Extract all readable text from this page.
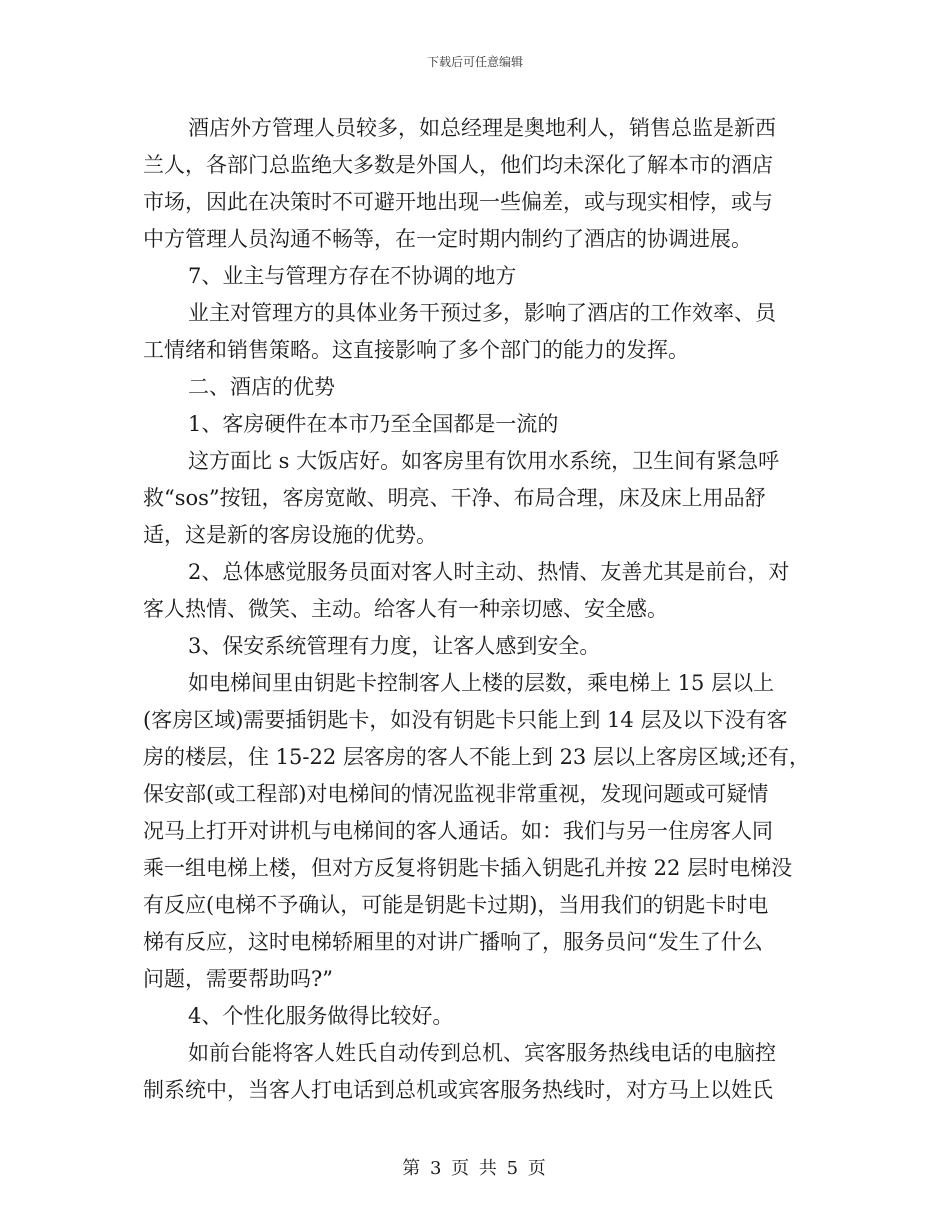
下载后可任意编辑
酒店外方管理人员较多，如总经理是奥地利人，销售总监是新西
兰人，各部门总监绝大多数是外国人，他们均未深化了解本市的酒店
市场，因此在决策时不可避开地出现一些偏差，或与现实相悖，或与
中方管理人员沟通不畅等，在一定时期内制约了酒店的协调进展。
7、业主与管理方存在不协调的地方
业主对管理方的具体业务干预过多，影响了酒店的工作效率、员
工情绪和销售策略。这直接影响了多个部门的能力的发挥。
二、酒店的优势
1、客房硬件在本市乃至全国都是一流的
这方面比 s 大饭店好。如客房里有饮用水系统，卫生间有紧急呼
救“sos”按钮，客房宽敞、明亮、干净、布局合理，床及床上用品舒
适，这是新的客房设施的优势。
2、总体感觉服务员面对客人时主动、热情、友善尤其是前台，对
客人热情、微笑、主动。给客人有一种亲切感、安全感。
3、保安系统管理有力度，让客人感到安全。
如电梯间里由钥匙卡控制客人上楼的层数，乘电梯上 15 层以上
(客房区域)需要插钥匙卡，如没有钥匙卡只能上到 14 层及以下没有客
房的楼层，住 15-22 层客房的客人不能上到 23 层以上客房区域;还有，
保安部(或工程部)对电梯间的情况监视非常重视，发现问题或可疑情
况马上打开对讲机与电梯间的客人通话。如：我们与另一住房客人同
乘一组电梯上楼，但对方反复将钥匙卡插入钥匙孔并按 22 层时电梯没
有反应(电梯不予确认，可能是钥匙卡过期)，当用我们的钥匙卡时电
梯有反应，这时电梯轿厢里的对讲广播响了，服务员问“发生了什么
问题，需要帮助吗?”
4、个性化服务做得比较好。
如前台能将客人姓氏自动传到总机、宾客服务热线电话的电脑控
制系统中，当客人打电话到总机或宾客服务热线时，对方马上以姓氏
第 3 页 共 5 页
